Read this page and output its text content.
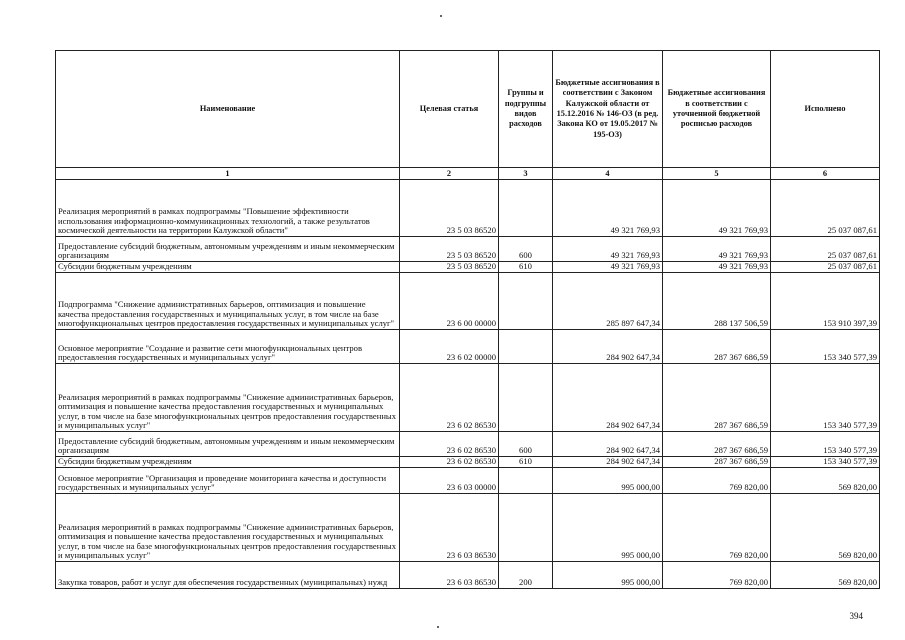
Наименование	Целевая статья	Группы и подгруппы видов расходов	Бюджетные ассигнования в соответствии с Законом Калужской области от 15.12.2016 № 146-ОЗ (в ред. Закона КО от 19.05.2017 № 195-ОЗ)	Бюджетные ассигнования в соответствии с уточненной бюджетной росписью расходов	Исполнено
1	2	3	4	5	6
Реализация мероприятий в рамках подпрограммы "Повышение эффективности использования информационно-коммуникационных технологий, а также результатов космической деятельности на территории Калужской области"	23 5 03 86520		49 321 769,93	49 321 769,93	25 037 087,61
Предоставление субсидий бюджетным, автономным учреждениям и иным некоммерческим организациям	23 5 03 86520	600	49 321 769,93	49 321 769,93	25 037 087,61
Субсидии бюджетным учреждениям	23 5 03 86520	610	49 321 769,93	49 321 769,93	25 037 087,61
Подпрограмма "Снижение административных барьеров, оптимизация и повышение качества предоставления государственных и муниципальных услуг, в том числе на базе многофункциональных центров предоставления государственных и муниципальных услуг"	23 6 00 00000		285 897 647,34	288 137 506,59	153 910 397,39
Основное мероприятие "Создание и развитие сети многофункциональных центров предоставления государственных и муниципальных услуг"	23 6 02 00000		284 902 647,34	287 367 686,59	153 340 577,39
Реализация мероприятий в рамках подпрограммы "Снижение административных барьеров, оптимизация и повышение качества предоставления государственных и муниципальных услуг, в том числе на базе многофункциональных центров предоставления государственных и муниципальных услуг"	23 6 02 86530		284 902 647,34	287 367 686,59	153 340 577,39
Предоставление субсидий бюджетным, автономным учреждениям и иным некоммерческим организациям	23 6 02 86530	600	284 902 647,34	287 367 686,59	153 340 577,39
Субсидии бюджетным учреждениям	23 6 02 86530	610	284 902 647,34	287 367 686,59	153 340 577,39
Основное мероприятие "Организация и проведение мониторинга качества и доступности государственных и муниципальных услуг"	23 6 03 00000		995 000,00	769 820,00	569 820,00
Реализация мероприятий в рамках подпрограммы "Снижение административных барьеров, оптимизация и повышение качества предоставления государственных и муниципальных услуг, в том числе на базе многофункциональных центров предоставления государственных и муниципальных услуг"	23 6 03 86530		995 000,00	769 820,00	569 820,00
Закупка товаров, работ и услуг для обеспечения государственных (муниципальных) нужд	23 6 03 86530	200	995 000,00	769 820,00	569 820,00
394
